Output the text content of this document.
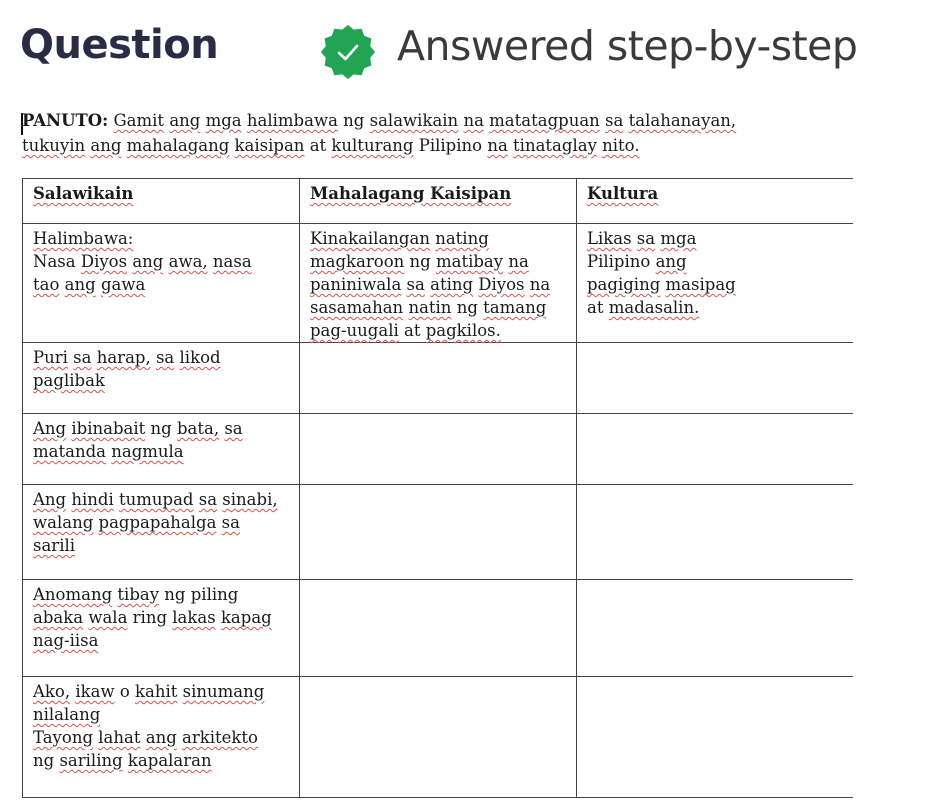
Question	Answered step-by-step

PANUTO: Gamit ang mga halimbawa ng salawikain na matatagpuan sa talahanayan,

tukuyin ang mahalagang kaisipan at kulturang Pilipino na tinataglay nito.

Salawikain	Mahalagang Kaisipan	Kultura

Halimbawa:
Nasa Diyos ang awa, nasa
tao ang gawa	Kinakailangan nating
magkaroon ng matibay na
paniniwala sa ating Diyos na
sasamahan natin ng tamang
pag-uugali at pagkilos.	Likas sa mga
Pilipino ang
pagiging masipag
at madasalin.

Puri sa harap, sa likod
paglibak		

Ang ibinabait ng bata, sa
matanda nagmula		

Ang hindi tumupad sa sinabi,
walang pagpapahalga sa
sarili		

Anomang tibay ng piling
abaka wala ring lakas kapag
nag-iisa		

Ako, ikaw o kahit sinumang
nilalang
Tayong lahat ang arkitekto
ng sariling kapalaran		
